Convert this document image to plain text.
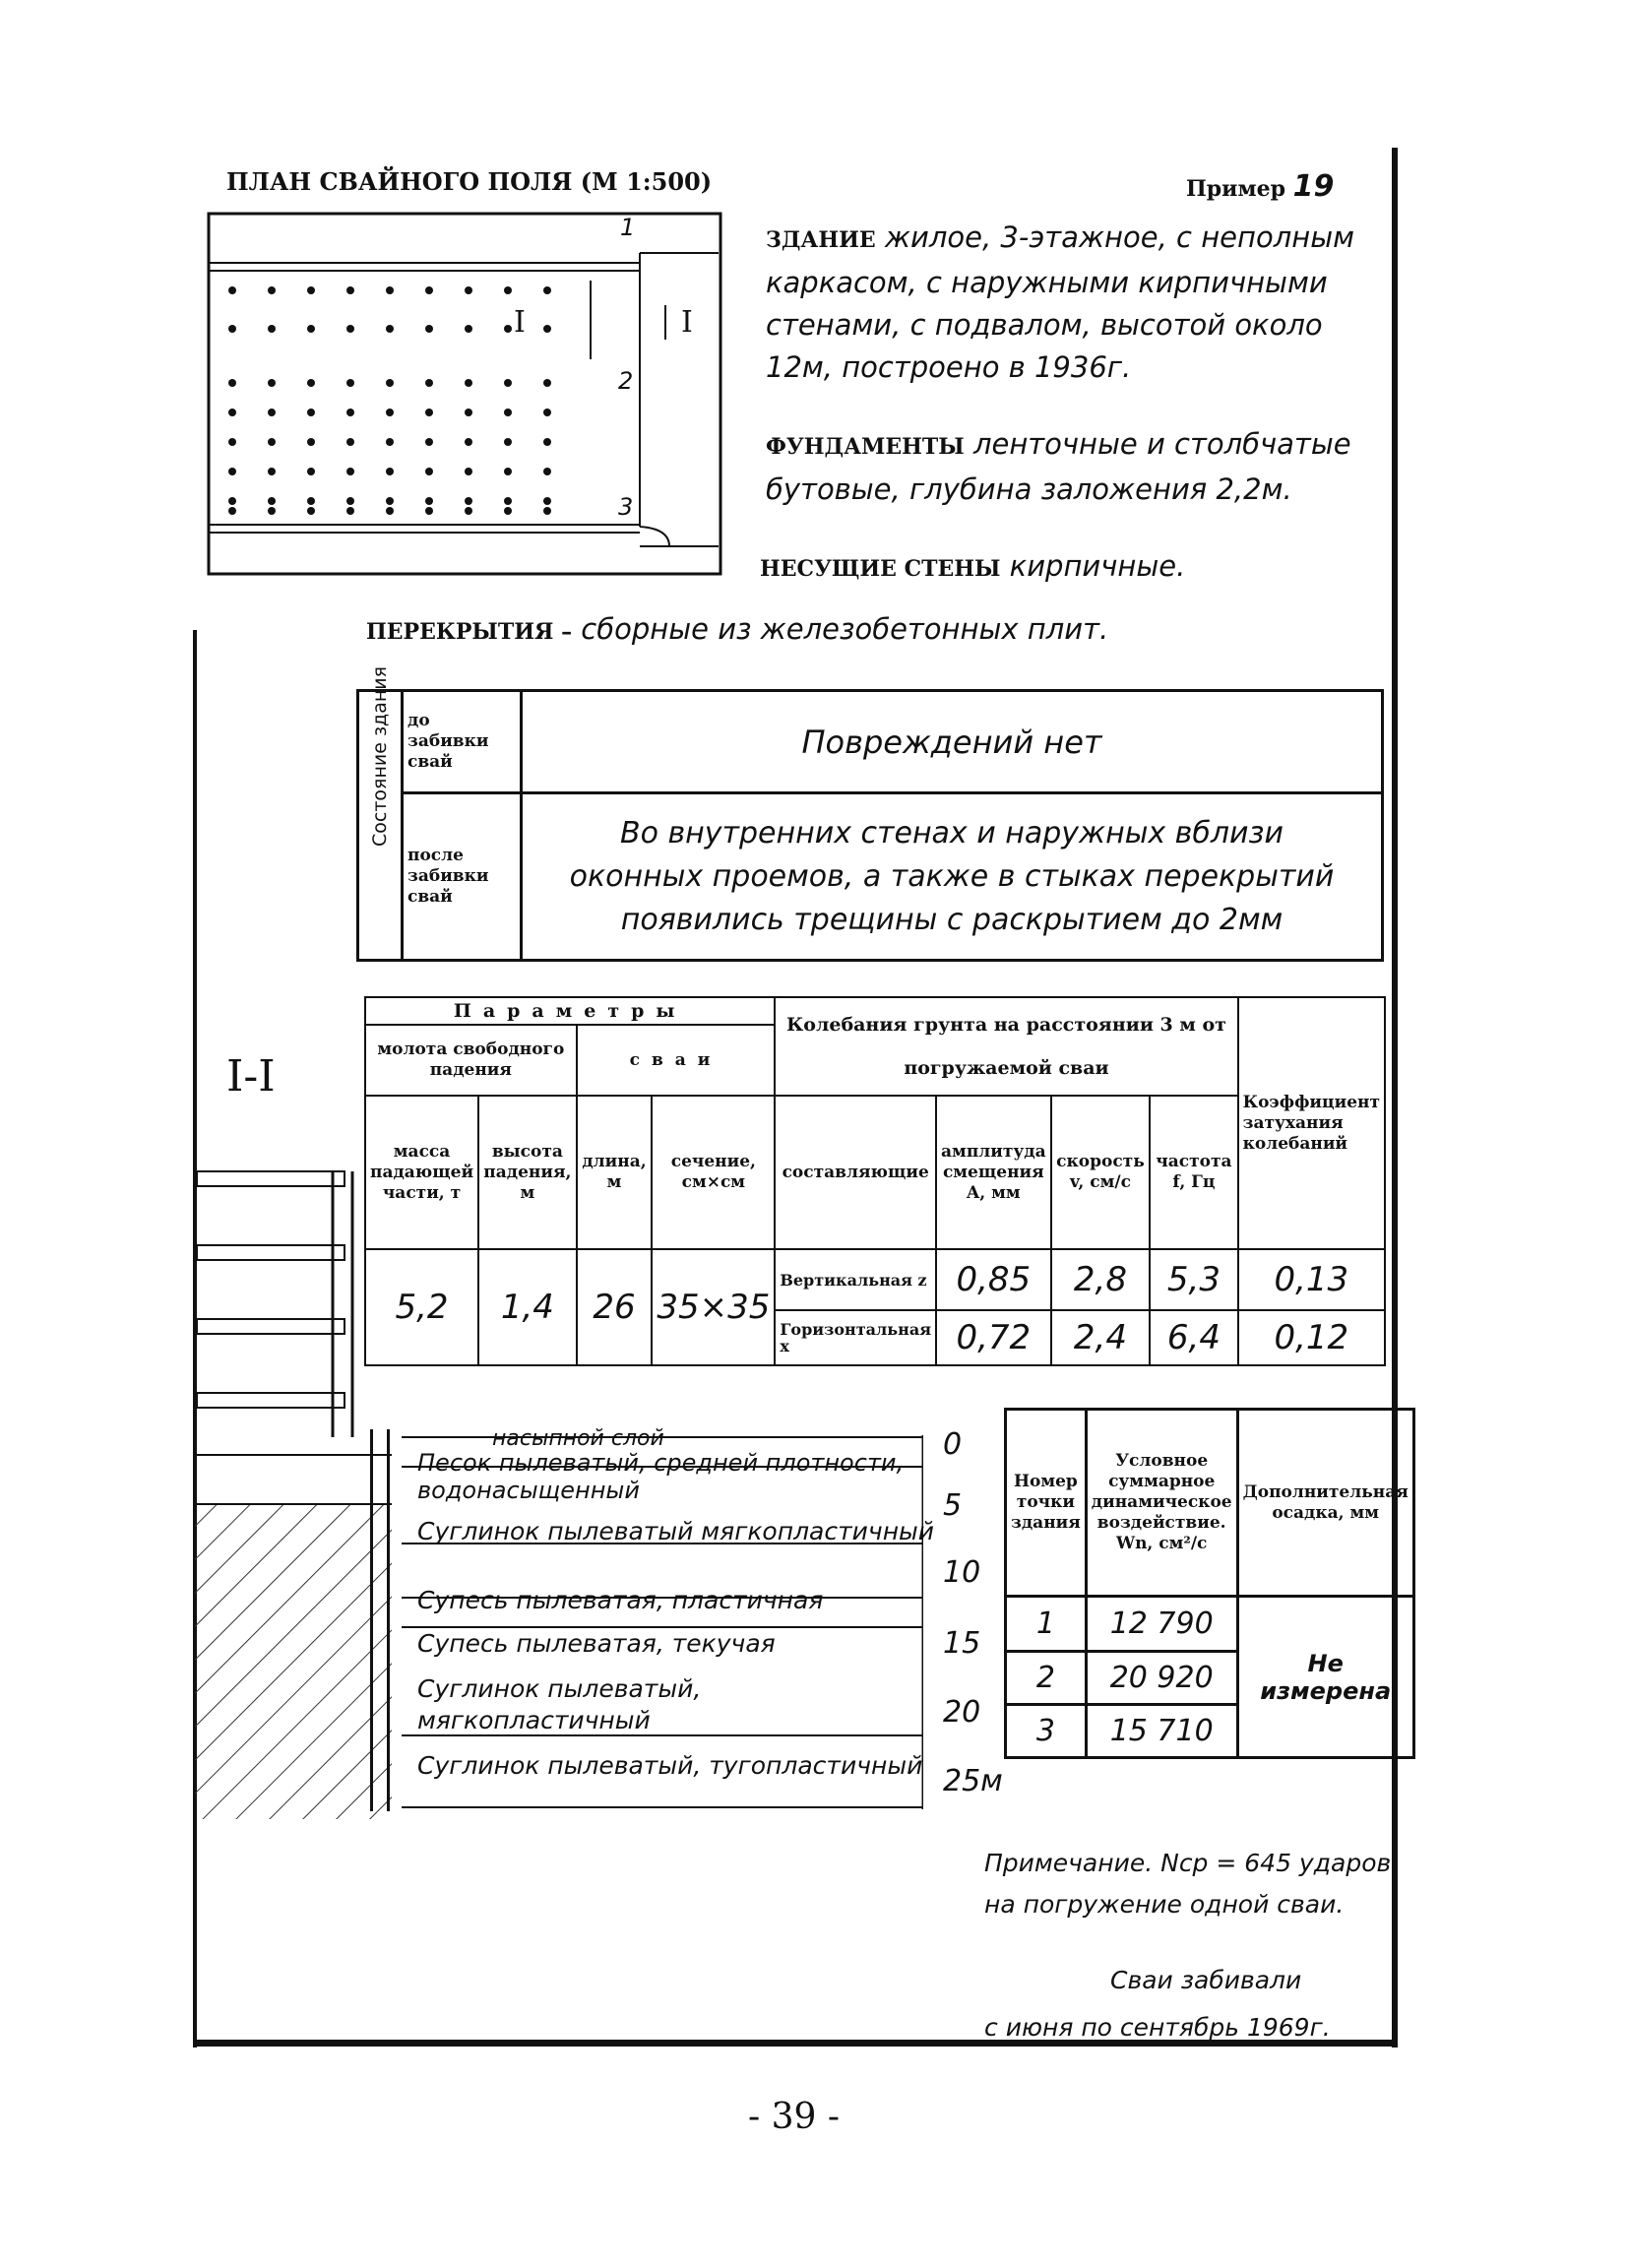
ПЛАН СВАЙНОГО ПОЛЯ (М 1:500)	Пример 19
1
2
3
I	I
ЗДАНИЕ жилое, 3-этажное, с неполным каркасом, с наружными кирпичными стенами, с подвалом, высотой около 12м, построено в 1936г.
ФУНДАМЕНТЫ ленточные и столбчатые бутовые, глубина заложения 2,2м.
НЕСУЩИЕ СТЕНЫ кирпичные.
ПЕРЕКРЫТИЯ – сборные из железобетонных плит.
Состояние здания	до забивки свай	Повреждений нет
	после забивки свай	Во внутренних стенах и наружных вблизи оконных проемов, а также в стыках перекрытий появились трещины с раскрытием до 2мм
I-I
Параметры				Колебания грунта на расстоянии 3 м от погружаемой сваи				Коэффициент затухания колебаний
молота свободного падения		сваи						
масса падающей части, т	высота падения, м	длина, м	сечение, см×см	составляющие	амплитуда смещения A, мм	скорость v, см/с	частота f, Гц	
5,2	1,4	26	35×35	Вертикальная z	0,85	2,8	5,3	0,13
				Горизонтальная x	0,72	2,4	6,4	0,12
насыпной слой
Песок пылеватый, средней плотности, водонасыщенный
Суглинок пылеватый мягкопластичный
Супесь пылеватая, пластичная
Супесь пылеватая, текучая
Суглинок пылеватый, мягкопластичный
Суглинок пылеватый, тугопластичный
0
5
10
15
20
25м
Номер точки здания	Условное суммарное динамическое воздействие. Wn, см²/с	Дополнительная осадка, мм
1	12 790	Не измерена
2	20 920	
3	15 710	
Примечание. Nср = 645 ударов
на погружение одной сваи.
Сваи забивали
с июня по сентябрь 1969г.
- 39 -
